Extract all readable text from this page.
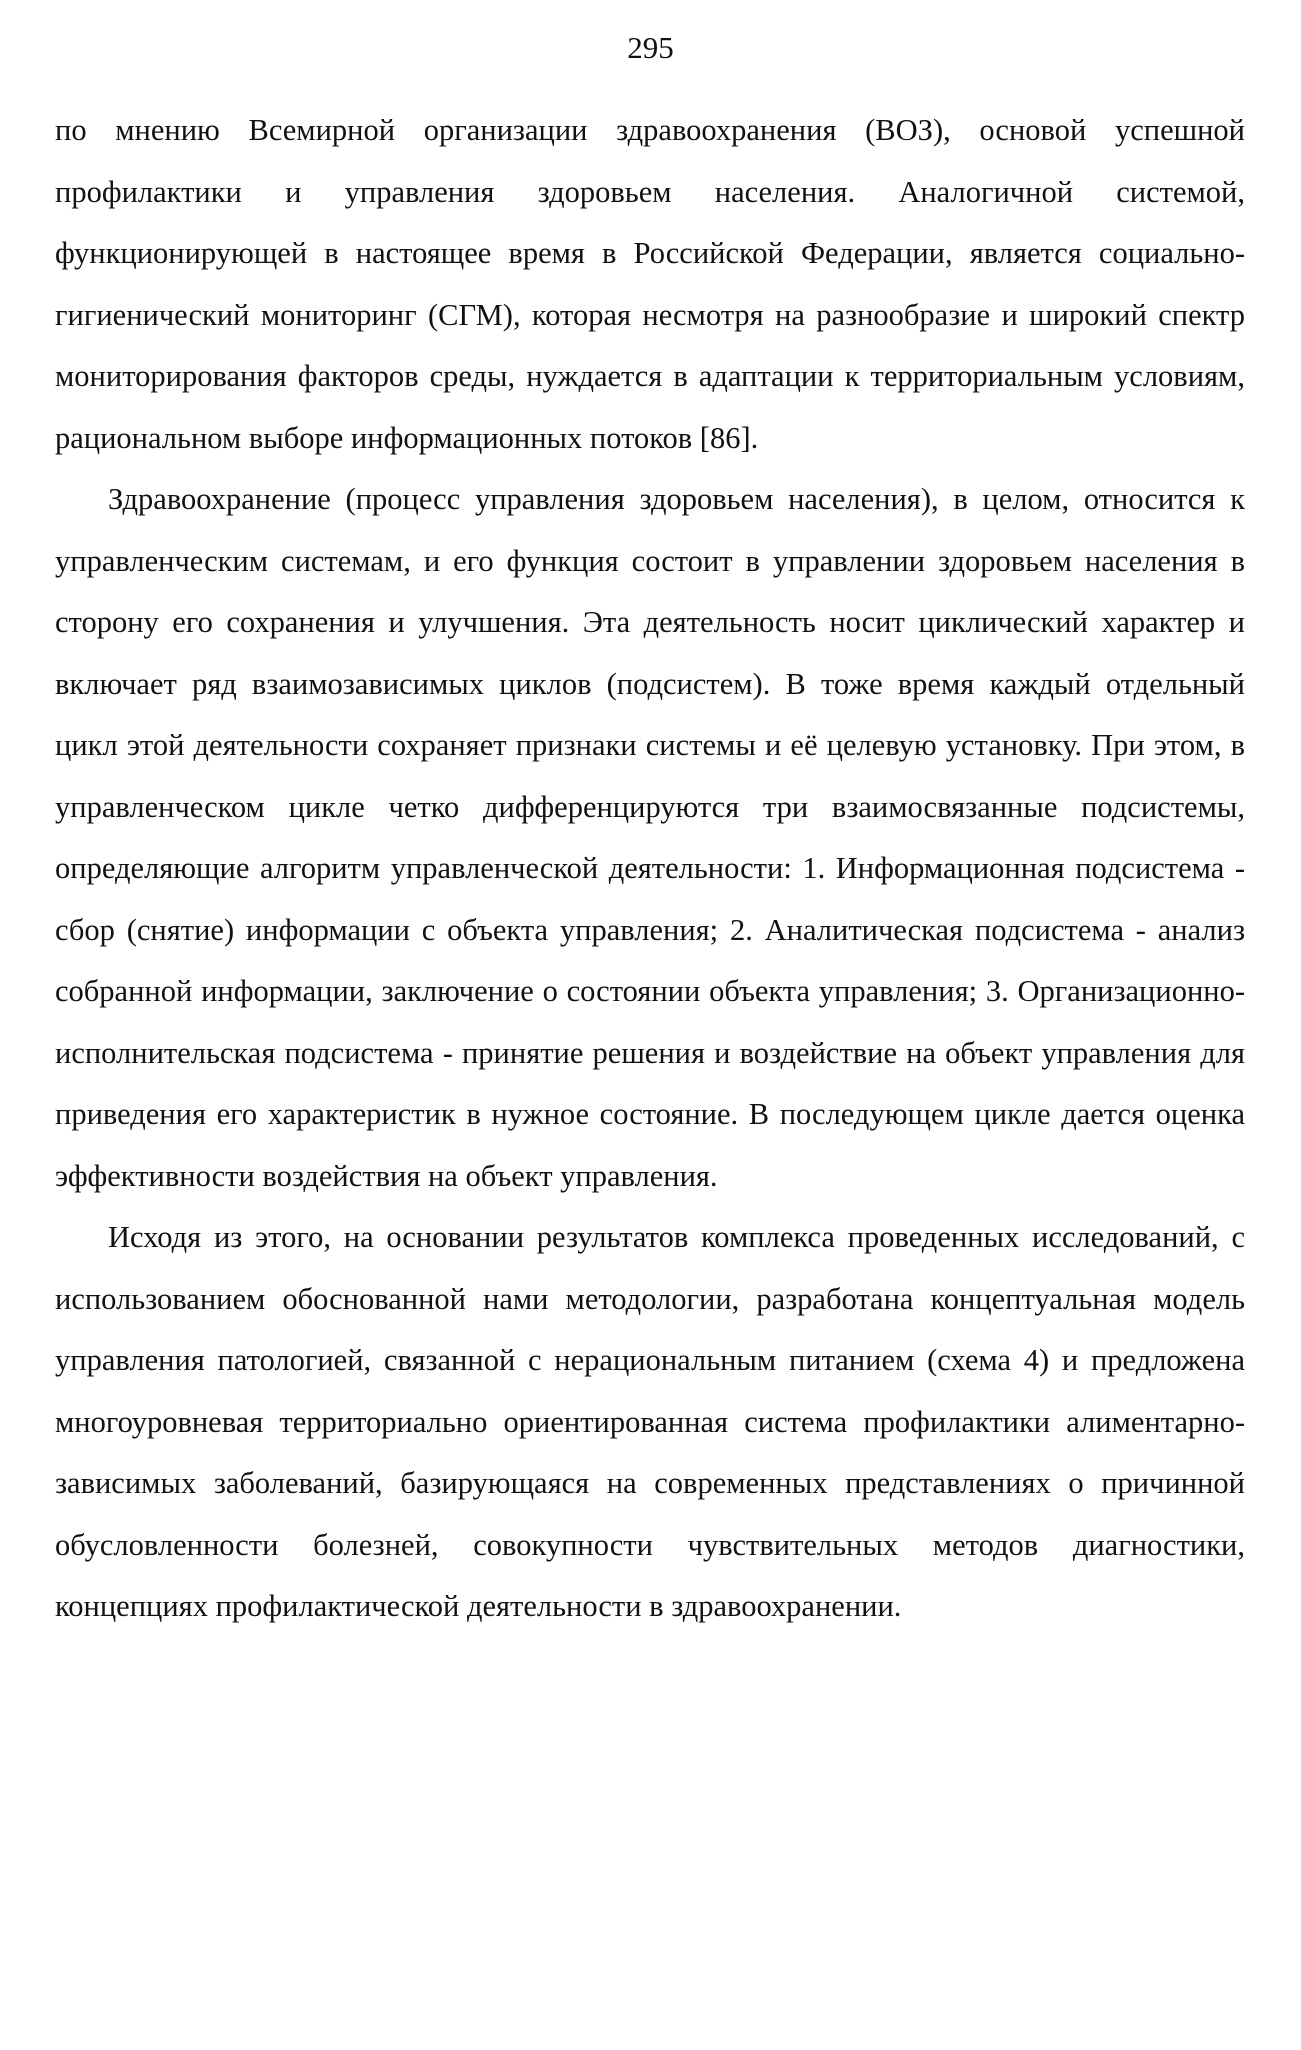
295

по мнению Всемирной организации здравоохранения (ВОЗ), основой успешной профилактики и управления здоровьем населения. Аналогичной системой, функционирующей в настоящее время в Российской Федерации, является социально-гигиенический мониторинг (СГМ), которая несмотря на разнообразие и широкий спектр мониторирования факторов среды, нуждается в адаптации к территориальным условиям, рациональном выборе информационных потоков [86].

Здравоохранение (процесс управления здоровьем населения), в целом, относится к управленческим системам, и его функция состоит в управлении здоровьем населения в сторону его сохранения и улучшения. Эта деятельность носит циклический характер и включает ряд взаимозависимых циклов (подсистем). В тоже время каждый отдельный цикл этой деятельности сохраняет признаки системы и её целевую установку. При этом, в управленческом цикле четко дифференцируются три взаимосвязанные подсистемы, определяющие алгоритм управленческой деятельности: 1. Информационная подсистема - сбор (снятие) информации с объекта управления; 2. Аналитическая подсистема - анализ собранной информации, заключение о состоянии объекта управления; 3. Организационно-исполнительская подсистема - принятие решения и воздействие на объект управления для приведения его характеристик в нужное состояние. В последующем цикле дается оценка эффективности воздействия на объект управления.

Исходя из этого, на основании результатов комплекса проведенных исследований, с использованием обоснованной нами методологии, разработана концептуальная модель управления патологией, связанной с нерациональным питанием (схема 4) и предложена многоуровневая территориально ориентированная система профилактики алиментарно-зависимых заболеваний, базирующаяся на современных представлениях о причинной обусловленности болезней, совокупности чувствительных методов диагностики, концепциях профилактической деятельности в здравоохранении.
